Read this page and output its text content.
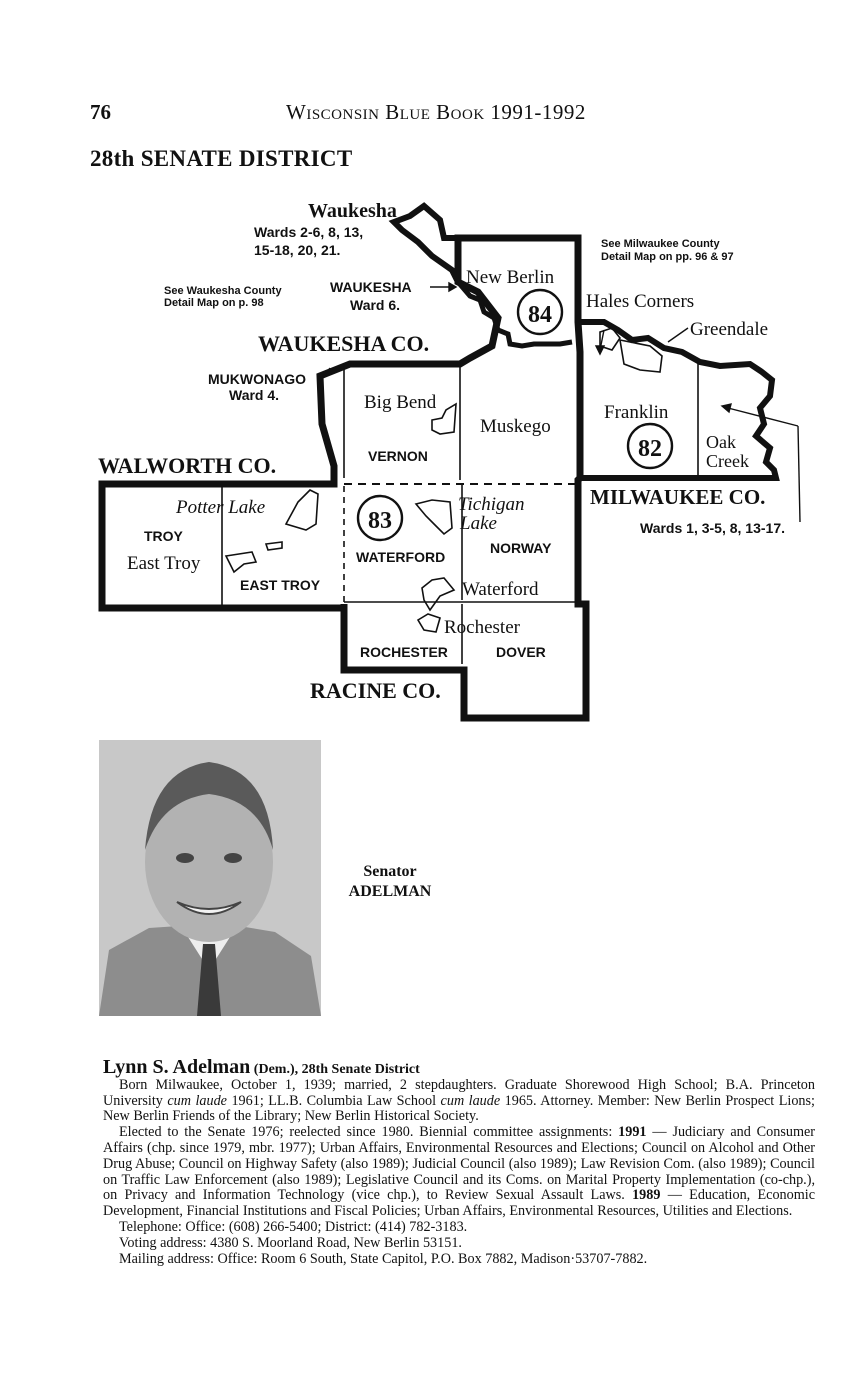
76	Wisconsin Blue Book 1991-1992
28th SENATE DISTRICT
84
82
83
Waukesha
Wards 2-6, 8, 13,
15-18, 20, 21.
See Waukesha County
Detail Map on p. 98
WAUKESHA
Ward 6.
WAUKESHA CO.
New Berlin
See Milwaukee County
Detail Map on pp. 96 & 97
Hales Corners
Greendale
MUKWONAGO
Ward 4.	Big Bend
Muskego
Franklin
VERNON
Oak
Creek
WALWORTH CO.
Potter Lake	Tichigan
Lake
MILWAUKEE CO.
TROY
NORWAY
Wards 1, 3-5, 8, 13-17.
East Troy	WATERFORD
EAST TROY	Waterford
Rochester
ROCHESTER	DOVER
RACINE CO.
Senator
ADELMAN

Lynn S. Adelman (Dem.), 28th Senate District

Born Milwaukee, October 1, 1939; married, 2 stepdaughters. Graduate Shorewood High School; B.A. Princeton University cum laude 1961; LL.B. Columbia Law School cum laude 1965. Attorney. Member: New Berlin Prospect Lions; New Berlin Friends of the Library; New Berlin Historical Society.

Elected to the Senate 1976; reelected since 1980. Biennial committee assignments: 1991 — Judiciary and Consumer Affairs (chp. since 1979, mbr. 1977); Urban Affairs, Environmental Resources and Elections; Council on Alcohol and Other Drug Abuse; Council on Highway Safety (also 1989); Judicial Council (also 1989); Law Revision Com. (also 1989); Council on Traffic Law Enforcement (also 1989); Legislative Council and its Coms. on Marital Property Implementation (co-chp.), on Privacy and Information Technology (vice chp.), to Review Sexual Assault Laws. 1989 — Education, Economic Development, Financial Institutions and Fiscal Policies; Urban Affairs, Environmental Resources, Utilities and Elections.

Telephone: Office: (608) 266-5400; District: (414) 782-3183.

Voting address: 4380 S. Moorland Road, New Berlin 53151.

Mailing address: Office: Room 6 South, State Capitol, P.O. Box 7882, Madison·53707-7882.
